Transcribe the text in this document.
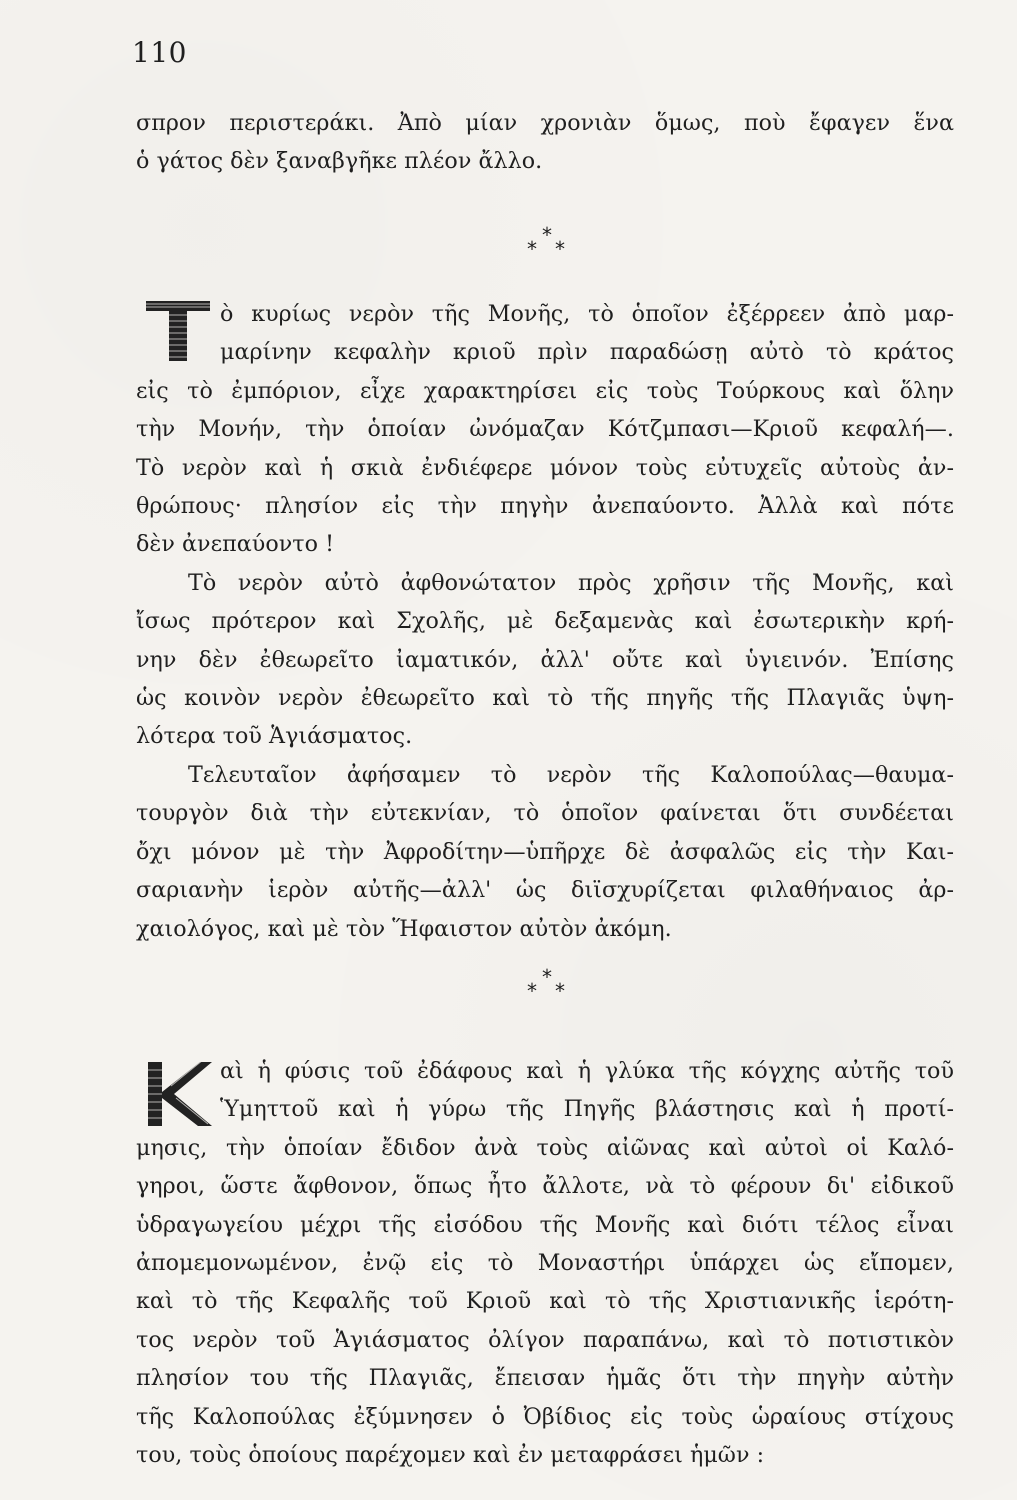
110
σπρον περιστεράκι. Ἀπὸ μίαν χρονιὰν ὅμως, ποὺ ἔφαγεν ἕνα
ὁ γάτος δὲν ξαναβγῆκε πλέον ἄλλο.
*
* *
ὸ κυρίως νερὸν τῆς Μονῆς, τὸ ὁποῖον ἐξέρρεεν ἀπὸ μαρ-
μαρίνην κεφαλὴν κριοῦ πρὶν παραδώσῃ αὐτὸ τὸ κράτος
εἰς τὸ ἐμπόριον, εἶχε χαρακτηρίσει εἰς τοὺς Τούρκους καὶ ὅλην
τὴν Μονήν, τὴν ὁποίαν ὠνόμαζαν Κότζμπασι—Κριοῦ κεφαλή—.
Τὸ νερὸν καὶ ἡ σκιὰ ἐνδιέφερε μόνον τοὺς εὐτυχεῖς αὐτοὺς ἀν-
θρώπους· πλησίον εἰς τὴν πηγὴν ἀνεπαύοντο. Ἀλλὰ καὶ πότε
δὲν ἀνεπαύοντο !
Τὸ νερὸν αὐτὸ ἀφθονώτατον πρὸς χρῆσιν τῆς Μονῆς, καὶ
ἴσως πρότερον καὶ Σχολῆς, μὲ δεξαμενὰς καὶ ἐσωτερικὴν κρή-
νην δὲν ἐθεωρεῖτο ἰαματικόν, ἀλλ' οὔτε καὶ ὑγιεινόν. Ἐπίσης
ὡς κοινὸν νερὸν ἐθεωρεῖτο καὶ τὸ τῆς πηγῆς τῆς Πλαγιᾶς ὑψη-
λότερα τοῦ Ἁγιάσματος.
Τελευταῖον ἀφήσαμεν τὸ νερὸν τῆς Καλοπούλας—θαυμα-
τουργὸν διὰ τὴν εὐτεκνίαν, τὸ ὁποῖον φαίνεται ὅτι συνδέεται
ὄχι μόνον μὲ τὴν Ἀφροδίτην—ὑπῆρχε δὲ ἀσφαλῶς εἰς τὴν Και-
σαριανὴν ἱερὸν αὐτῆς—ἀλλ' ὡς διϊσχυρίζεται φιλαθήναιος ἀρ-
χαιολόγος, καὶ μὲ τὸν Ἥφαιστον αὐτὸν ἀκόμη.
*
* *
αὶ ἡ φύσις τοῦ ἐδάφους καὶ ἡ γλύκα τῆς κόγχης αὐτῆς τοῦ
Ὑμηττοῦ καὶ ἡ γύρω τῆς Πηγῆς βλάστησις καὶ ἡ προτί-
μησις, τὴν ὁποίαν ἔδιδον ἀνὰ τοὺς αἰῶνας καὶ αὐτοὶ οἱ Καλό-
γηροι, ὥστε ἄφθονον, ὅπως ἦτο ἄλλοτε, νὰ τὸ φέρουν δι' εἰδικοῦ
ὑδραγωγείου μέχρι τῆς εἰσόδου τῆς Μονῆς καὶ διότι τέλος εἶναι
ἀπομεμονωμένον, ἐνῷ εἰς τὸ Μοναστήρι ὑπάρχει ὡς εἴπομεν,
καὶ τὸ τῆς Κεφαλῆς τοῦ Κριοῦ καὶ τὸ τῆς Χριστιανικῆς ἱερότη-
τος νερὸν τοῦ Ἁγιάσματος ὀλίγον παραπάνω, καὶ τὸ ποτιστικὸν
πλησίον του τῆς Πλαγιᾶς, ἔπεισαν ἡμᾶς ὅτι τὴν πηγὴν αὐτὴν
τῆς Καλοπούλας ἐξύμνησεν ὁ Ὀβίδιος εἰς τοὺς ὡραίους στίχους
του, τοὺς ὁποίους παρέχομεν καὶ ἐν μεταφράσει ἡμῶν :
